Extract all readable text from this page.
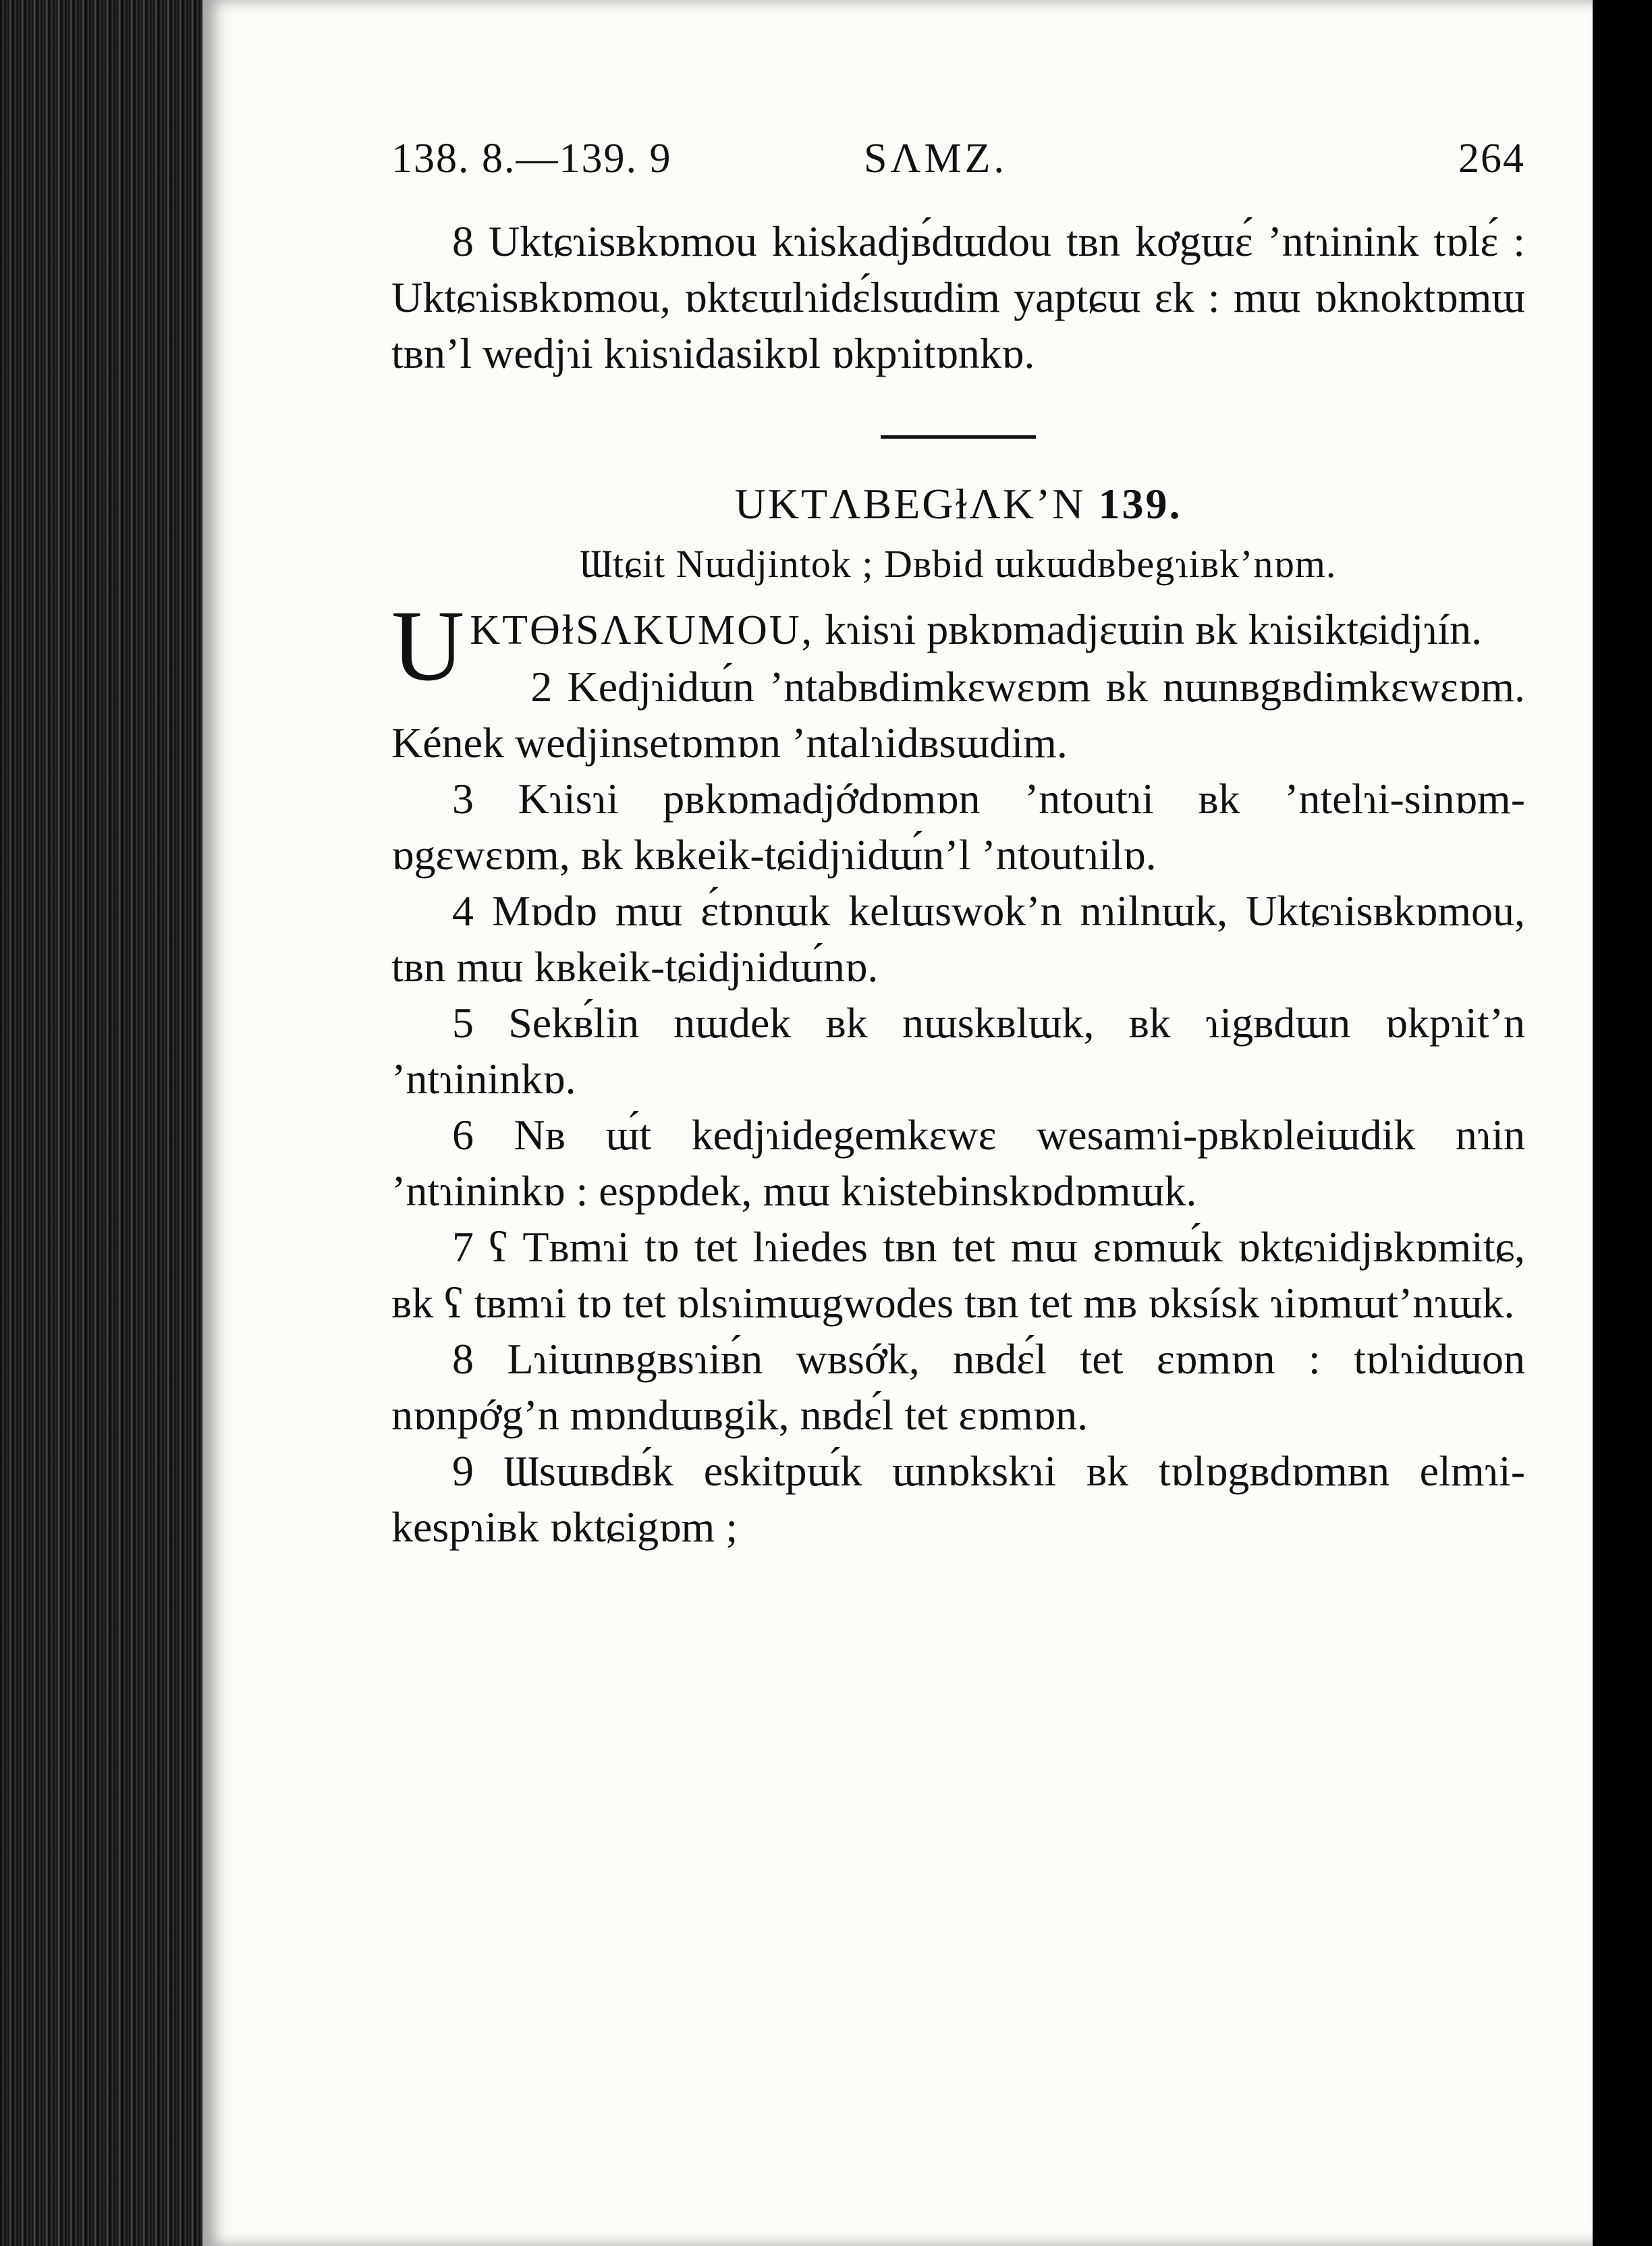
138. 8.—139. 9	SΛMZ.	264

8 Uktɕɿisʙkɒmou kɿiskadjʙ́dɯdou tʙn kơgɯɛ́ ’ntɿinink tɒlɛ́ : Uktɕɿisʙkɒmou, ɒktɛɯlɿidɛ́lsɯdim yaptɕɯ ɛk : mɯ ɒknoktɒmɯ tʙn’l wedjɿi kɿisɿidasikɒl ɒkpɿitɒnkɒ.

UKTΛBEGɫΛK’N 139.
Ɯtɕit Nɯdjintok ; Dʙbid ɯkɯdʙbegɿiʙk’nɒm.

U KTƟɫSΛKUMOU, kɿisɿi pʙkɒmadjɛɯin ʙk kɿisiktɕidjɿín.

2 Kedjɿidɯ́n ’ntabʙdimkɛwɛɒm ʙk nɯnʙgʙdimkɛwɛɒm. Kének wedjinsetɒmɒn ’ntalɿidʙsɯdim.

3 Kɿisɿi pʙkɒmadjớdɒmɒn ’ntoutɿi ʙk ’ntelɿi-sinɒm-ɒgɛwɛɒm, ʙk kʙkeik-tɕidjɿidɯ́n’l ’ntoutɿilɒ.

4 Mɒdɒ mɯ ɛ́tɒnɯk kelɯswok’n nɿilnɯk, Uktɕɿisʙkɒmou, tʙn mɯ kʙkeik-tɕidjɿidɯ́nɒ.

5 Sekʙ́lin nɯdek ʙk nɯskʙlɯk, ʙk ɿigʙdɯn ɒkpɿit’n ’ntɿininkɒ.

6 Nʙ ɯ́t kedjɿidegemkɛwɛ wesamɿi-pʙkɒleiɯdik nɿin ’ntɿininkɒ : espɒdek, mɯ kɿistebinskɒdɒmɯk.

7 ʕ Tʙmɿi tɒ tet lɿiedes tʙn tet mɯ ɛɒmɯ́k ɒktɕɿidjʙkɒmitɕ, ʙk ʕ tʙmɿi tɒ tet ɒlsɿimɯgwodes tʙn tet mʙ ɒksísk ɿiɒmɯt’nɿɯk.

8 Lɿiɯnʙgʙsɿiʙ́n wʙsớk, nʙdɛ́l tet ɛɒmɒn : tɒlɿidɯon nɒnpớg’n mɒndɯʙgik, nʙdɛ́l tet ɛɒmɒn.

9 Ɯsɯʙdʙ́k eskitpɯ́k ɯnɒkskɿi ʙk tɒlɒgʙdɒmʙn elmɿi-kespɿiʙk ɒktɕigɒm ;
